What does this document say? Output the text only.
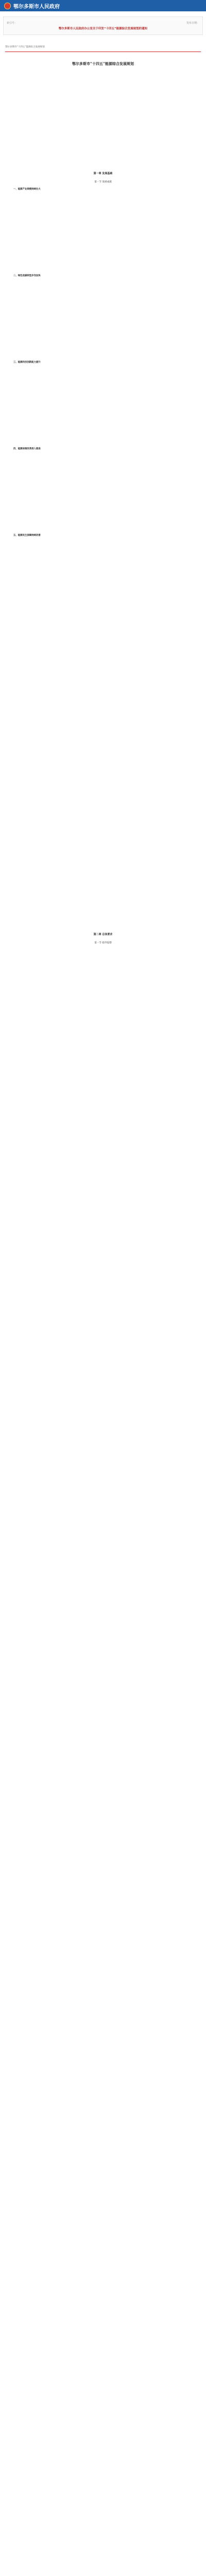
鄂尔多斯市人民政府
索引号：	发布日期：
鄂尔多斯市人民政府办公室关于印发“十四五”能源综合发展规划的通知
鄂尔多斯市“十四五”能源综合发展规划
鄂尔多斯市“十四五”能源综合发展规划

第一章 发展基础
第一节 发展成就
一、能源产业规模持续壮大
二、绿色低碳转型步伐加快
三、能源科技创新能力提升
四、能源体制改革深入推进
五、能源民生保障持续改善
第二章 总体要求
第一节 指导思想
